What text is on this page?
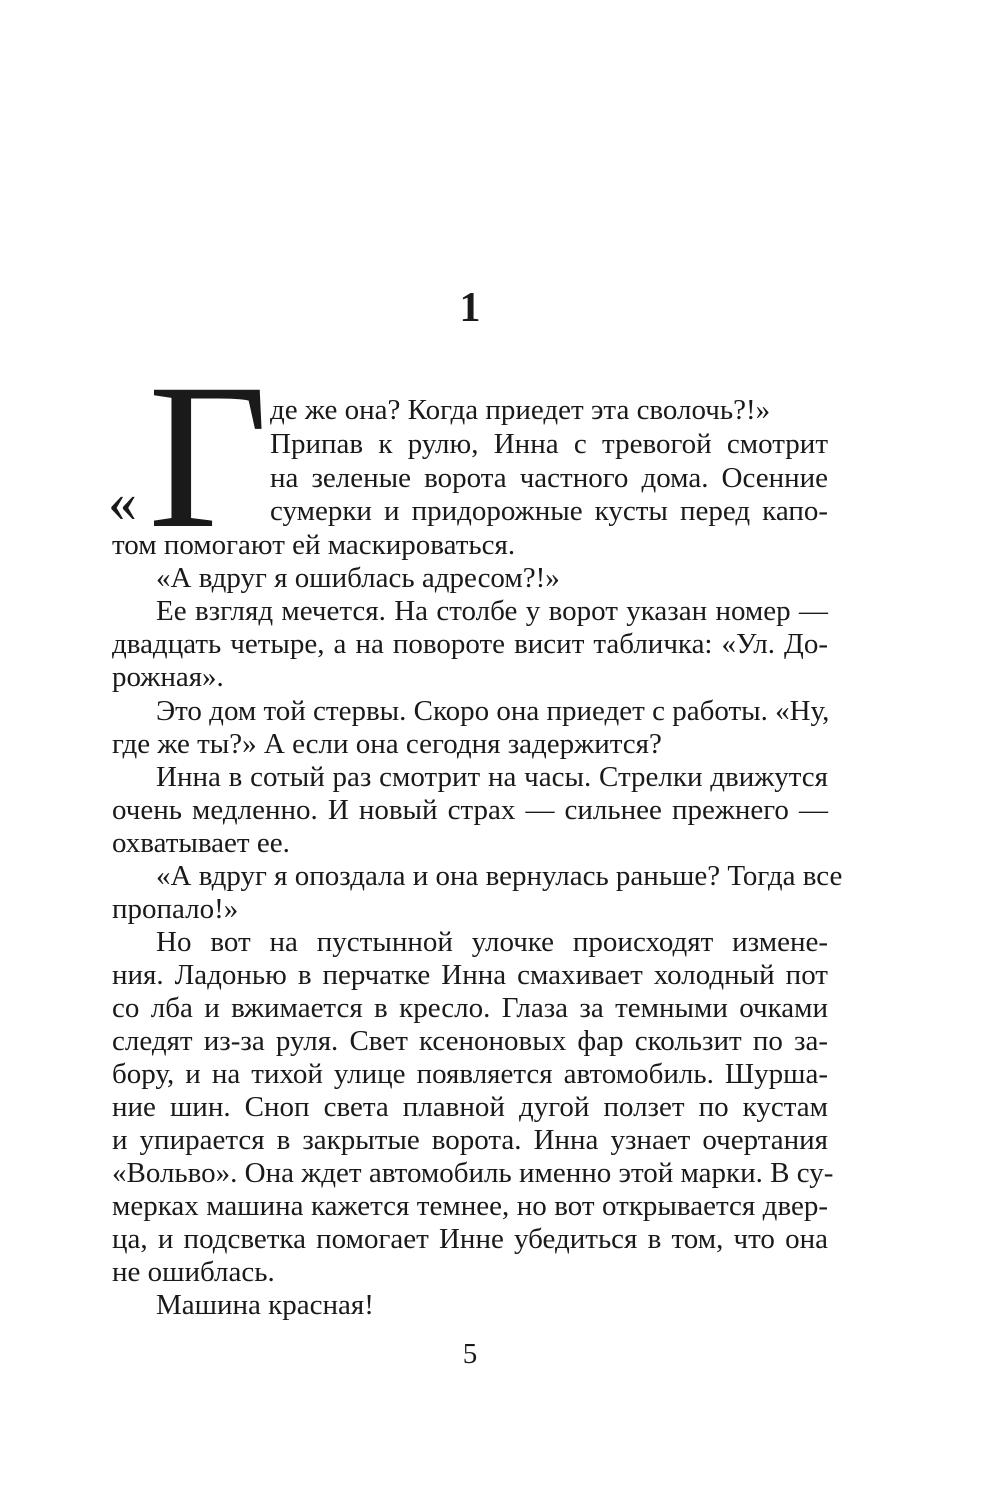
1
« Г де же она? Когда приедет эта сволочь?!»
Припав к рулю, Инна с тревогой смотрит
на зеленые ворота частного дома. Осенние
сумерки и придорожные кусты перед капо-
том помогают ей маскироваться.
«А вдруг я ошиблась адресом?!»
Ее взгляд мечется. На столбе у ворот указан номер —
двадцать четыре, а на повороте висит табличка: «Ул. До-
рожная».
Это дом той стервы. Скоро она приедет с работы. «Ну,
где же ты?» А если она сегодня задержится?
Инна в сотый раз смотрит на часы. Стрелки движутся
очень медленно. И новый страх — сильнее прежнего —
охватывает ее.
«А вдруг я опоздала и она вернулась раньше? Тогда все
пропало!»
Но вот на пустынной улочке происходят измене-
ния. Ладонью в перчатке Инна смахивает холодный пот
со лба и вжимается в кресло. Глаза за темными очками
следят из-за руля. Свет ксеноновых фар скользит по за-
бору, и на тихой улице появляется автомобиль. Шурша-
ние шин. Сноп света плавной дугой ползет по кустам
и упирается в закрытые ворота. Инна узнает очертания
«Вольво». Она ждет автомобиль именно этой марки. В су-
мерках машина кажется темнее, но вот открывается двер-
ца, и подсветка помогает Инне убедиться в том, что она
не ошиблась.
Машина красная!
5
